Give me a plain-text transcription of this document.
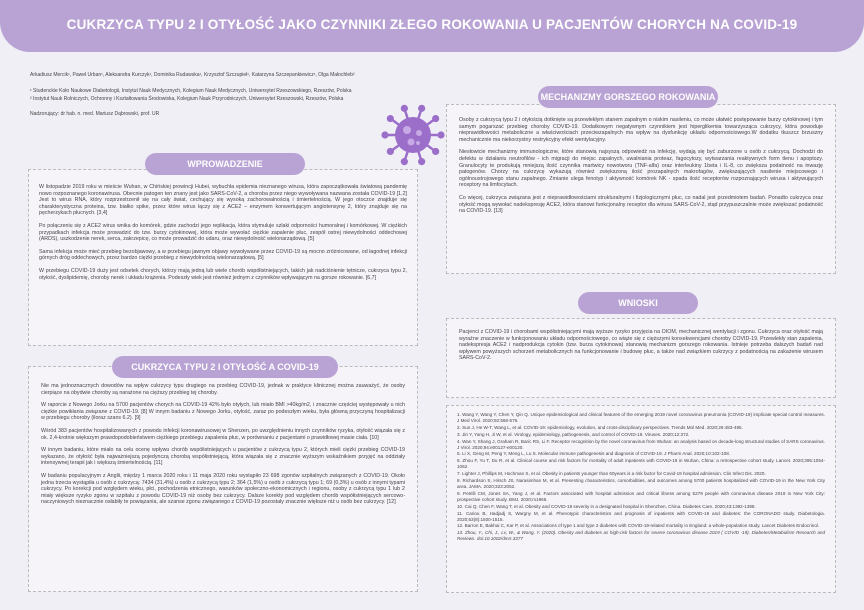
CUKRZYCA TYPU 2 I OTYŁOŚĆ JAKO CZYNNIKI ZŁEGO ROKOWANIA U PACJENTÓW CHORYCH NA COVID-19
Arkadiusz Mercik¹, Paweł Urban¹, Aleksandra Kurczyk¹, Dominika Rudawska¹, Krzysztof Szczupieł¹, Katarzyna Szczepankiewicz¹, Olga Małochleb²
¹ Studenckie Koło Naukowe Diabetologii, Instytut Nauk Medycznych, Kolegium Nauk Medycznych, Uniwersytet Rzeszowskiego, Rzeszów, Polska
² Instytut Nauk Rolniczych, Ochronny i Kształtowania Środowiska, Kolegium Nauk Przyrodniczych, Uniwersytet Rzeszowski, Rzeszów, Polska
Nadzorujący: dr hab. n. med. Mariusz Dąbrowski, prof. UR

W listopadzie 2019 roku w mieście Wuhan, w Chińskiej prowincji Hubei, wybuchła epidemia nieznanego wirusa, która zapoczątkowała światową pandemię nowo rozpoznanego koronawirusa. Obecnie patogen ten znany jest jako SARS-CoV-2, a choroba przez niego wywoływana nazwana została COVID-19 [1,2] Jest to wirus RNA, który rozprzestrzenił się na cały świat, cechujący się wysoką zachorowalnością i śmiertelnością. W jego otoczce znajduje się charakterystyczna proteina, tzw. białko spike, przez które wirus łączy się z ACE2 – enzymem konwertującym angiotensynę 2, który znajduje się na pęcherzykach płucnych. [3,4]

Po połączeniu się z ACE2 wirus wnika do komórek, gdzie zachodzi jego replikacja, która stymuluje szlaki odporności humoralnej i komórkowej. W ciężkich przypadkach infekcja może prowadzić do tzw. burzy cytokinowej, która może wywołać ciężkie zapalenie płuc, zespół ostrej niewydolności oddechowej (ARDS), uszkodzenie nerek, serca, zakrzepicę, co może prowadzić do udaru, oraz niewydolność wielonarządową. [5]

Sama infekcja może mieć przebieg bezobjawowy, a w przebiegu jawnym objawy wywoływane przez COVID-19 są mocno zróżnicowane, od łagodnej infekcji górnych dróg oddechowych, przez bardzo ciężki przebieg z niewydolnością wielonarządową. [5]

W przebiegu COVID-19 duży jest odsetek chorych, którzy mają jedną lub wiele chorób współistniejących, takich jak nadciśnienie tętnicze, cukrzyca typu 2, otyłość, dyslipidemię, choroby nerek i układu krążenia. Podeszły wiek jest również jednym z czynników wpływającym na gorsze rokowanie. [6,7]

WPROWADZENIE

Nie ma jednoznacznych dowodów na wpływ cukrzycy typu drugiego na przebieg COVID-19, jednak w praktyce klinicznej można zauważyć, że osoby cierpiące na obydwie choroby są narażone na cięższy przebieg tej choroby.

W raporcie z Nowego Jorku na 5700 pacjentów chorych na COVID-19 42% było otyłych, lub miało BMI >40kg/m2, i znacznie częściej występowały u nich ciężkie powikłania związane z COVID-19. [8] W innym badaniu z Nowego Jorku, otyłość, zaraz po podeszłym wieku, była główną przyczyną hospitalizacji w przebiegu choroby (iloraz szans 6.2). [9]

Wśród 383 pacjentów hospitalizowanych z powodu infekcji koronawirusowej w Shenzen, po uwzględnieniu innych czynników ryzyka, otyłość wiązała się z ok. 2,4-krotnie większym prawdopodobieństwem ciężkiego przebiegu zapalenia płuc, w porównaniu z pacjentami o prawidłowej masie ciała. [10]

W innym badaniu, które miało na celu ocenę wpływu chorób współistniejących u pacjentów z cukrzycą typu 2, których mieli ciężki przebieg COVID-19 wykazano, że otyłość była najważniejszą pojedynczą chorobą współistniejącą, która wiązała się z znacznie wyższym wskaźnikiem przyjęć na oddziały intensywnej terapii jak i większą śmiertelnością. [11]

W badaniu populacyjnym z Anglii, między 1 marca 2020 roku i 11 maja 2020 roku wystąpiło 23 698 zgonów szpitalnych związanych z COVID-19. Około jedna trzecia wystąpiła u osób z cukrzycą: 7434 (31,4%) u osób z cukrzycą typu 2; 364 (1,5%) u osób z cukrzycą typu 1; 69 (0,3%) u osób z innymi typami cukrzycy. Po korekcji pod względem wieku, płci, pochodzenia etnicznego, warunków społeczno-ekonomicznych i regionu, osoby z cukrzycą typu 1 lub 2 miały większe ryzyko zgonu w szpitalu z powodu COVID-19 niż osoby bez cukrzycy. Dalsze korekty pod względem chorób współistniejących sercowo-naczyniowych nieznacznie osłabiły te powiązania, ale szanse zgonu związanego z COVID-19 pozostały znacznie większe niż u osób bez cukrzycy. [12]

CUKRZYCA TYPU 2 I OTYŁOŚĆ A COVID-19

Osoby z cukrzycą typu 2 i otyłością dotknięte są przewlekłym stanem zapalnym o niskim nasileniu, co może ułatwić postępowanie burzy cytokinowej i tym samym pogarszać przebieg choroby COVID-19. Dodatkowym negatywnym czynnikiem jest hiperglikemia towarzysząca cukrzycy, która powoduje nieprawidłowości metaboliczne a właściwościach przeciwzapalnych ma wpływ na dysfunkcję układu odpornościowego.W dodatku tkuszcz brzuszny mechanicznie ma niekorzystny restrykcyjny efekt wentylacyjny.

Niesłowicie mechanizmy immunologiczne, które stanowią najsyszą odpowiedź na infekcję, wydają się być zaburzone u osób z cukrzycą. Dochodzi do defektu w działaniu neutrofilów - ich migracji do miejsc zapalnych, uwalniania proteaz, fagocytozy, wytwarzania reaktywnych form tlenu i apoptozy. Granulocyty te produkują mniejszą ilość czynnika martwicy nowotworu (TNF-alfa) oraz interleukiny 1beta i IL-8, co zwiększa podatność na inwazję patogenów. Chorzy na cukrzycę wykazują również zwiększoną ilość prozapalnych makrofagów, zwiększających nasilenie miejscowego i ogólnoustrojowego stanu zapalnego. Zmianie ulega fenotyp i aktywność komórek NK - spada ilość receptorów rozpoznających wirusa i aktywujących receptory na limfocytach.

Co więcej, cukrzyca związana jest z nieprawidłowościami strukturalnymi i fizjologicznymi płuc, co nadal jest przedmiotem badań. Ponadto cukrzyca oraz otyłość mogą wywołać nadekspresję ACE2, która stanowi funkcjonalny receptor dla wirusa SARS-CoV-2, stąd przypuszczalnie może zwiększać podatność na COVID-19. [13]

MECHANIZMY GORSZEGO ROKOWANIA

Pacjenci z COVID-19 i chorobami współistniejącymi mają wyższe ryzyko przyjęcia na OIOM, mechanicznej wentylacji i zgonu. Cukrzyca oraz otyłość mają wyraźne znaczenie w funkcjonowaniu układu odpornościowego, co wiąże się z cięższymi konsekwencjami choroby COVID-19. Przewlekły stan zapalenia, nadekspresja ACE2 i nadprodukcja cytokin (tzw. burza cytokinowa) stanowią mechanizm gorszego rokowania. Istnieje potrzeba dalszych badań nad wpływem powyższych schorzeń metabolicznych na funkcjonowanie i budowę płuc, a także nad związkiem cukrzycy z podatnością na zakażenie wirusem SARS-CoV-2.

WNIOSKI
1. Wang Y, Wang Y, Chen Y, Qin Q. Unique epidemiological and clinical features of the emerging 2019 novel coronavirus pneumonia (COVID-19) implicate special control measures. J Med Virol. 2020;92:568-576.
2. Sun J, He W-T, Wang L, et al. COVID-19: epidemiology, evolution, and cross-disciplinary perspectives. Trends Mol Med. 2020;26:483-495.
3. Jin Y, Yang H, Ji W, et al. Virology, epidemiology, pathogenesis, and control of COVID-19. Viruses. 2020;12:372.
4. Wan Y, Shang J, Graham R, Baric RS, Li F. Receptor recognition by the novel coronavirus from Wuhan: an analysis based on decade-long structural studies of SARS coronavirus. J Virol. 2020;94:e00127-e00120.
5. Li X, Geng M, Peng Y, Meng L, Lu S. Molecular immune pathogenesis and diagnosis of COVID-19. J Pharm Anal. 2020;10:102-108.
6. Zhou F, Yu T, Du R, et al. Clinical course and risk factors for mortality of adult inpatients with COVID-19 in Wuhan, China: a retrospective cohort study. Lancet. 2020;395:1054-1062.
7. Lighter J, Phillips M, Hochman S, et al. Obesity in patients younger than 60years is a risk factor for Covid-19 hospital admission. Clin Infect Dis. 2020.
8. Richardson S, Hirsch JS, Narasimhan M, et al. Presenting characteristics, comorbidities, and outcomes among 5700 patients hospitalized with COVID-19 in the New York City area. JAMA. 2020;323:2052.
9. Petrilli CM, Jones SA, Yang J, et al. Factors associated with hospital admission and critical illness among 5279 people with coronavirus disease 2019 in New York City: prospective cohort study. BMJ. 2020;m1966.
10. Cai Q, Chen F, Wang T, et al. Obesity and COVID-19 severity in a designated hospital in Shenzhen, China. Diabetes Care. 2020;43:1392-1398.
11. Cariou B, Hadjadj S, Wargny M, et al. Phenotypic characteristics and prognosis of inpatients with COVID-19 and diabetes: the CORONADO study. Diabetologia. 2020;63(8):1500-1515.
12. Barron E, Bakhai C, Kar P, et al. Associations of type 1 and type 2 diabetes with COVID-19-related mortality in England: a whole-population study. Lancet Diabetes Endocrinol.
13. Zhou, Y., Chi, J., Lv, W., & Wang, Y. (2020). Obesity and diabetes as high-risk factors for severe coronavirus disease 2019 ( COVID -19). Diabetes/Metabolism Research and Reviews. doi:10.1002/dmrr.3377
